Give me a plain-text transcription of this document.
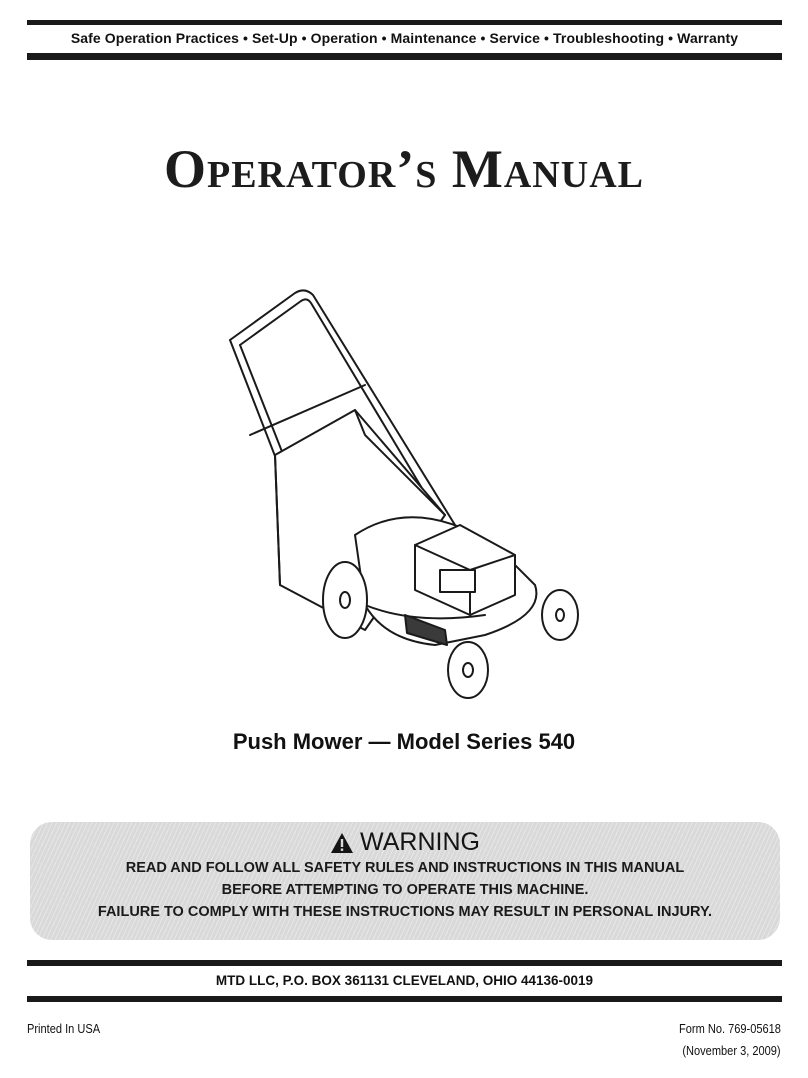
Safe Operation Practices • Set-Up • Operation • Maintenance • Service • Troubleshooting • Warranty
Operator’s Manual
Push Mower — Model Series 540
WARNING
READ AND FOLLOW ALL SAFETY RULES AND INSTRUCTIONS IN THIS MANUAL
BEFORE ATTEMPTING TO OPERATE THIS MACHINE.
FAILURE TO COMPLY WITH THESE INSTRUCTIONS MAY RESULT IN PERSONAL INJURY.
MTD LLC, P.O. BOX 361131 CLEVELAND, OHIO 44136-0019
Printed In USA	Form No. 769-05618
(November 3, 2009)
